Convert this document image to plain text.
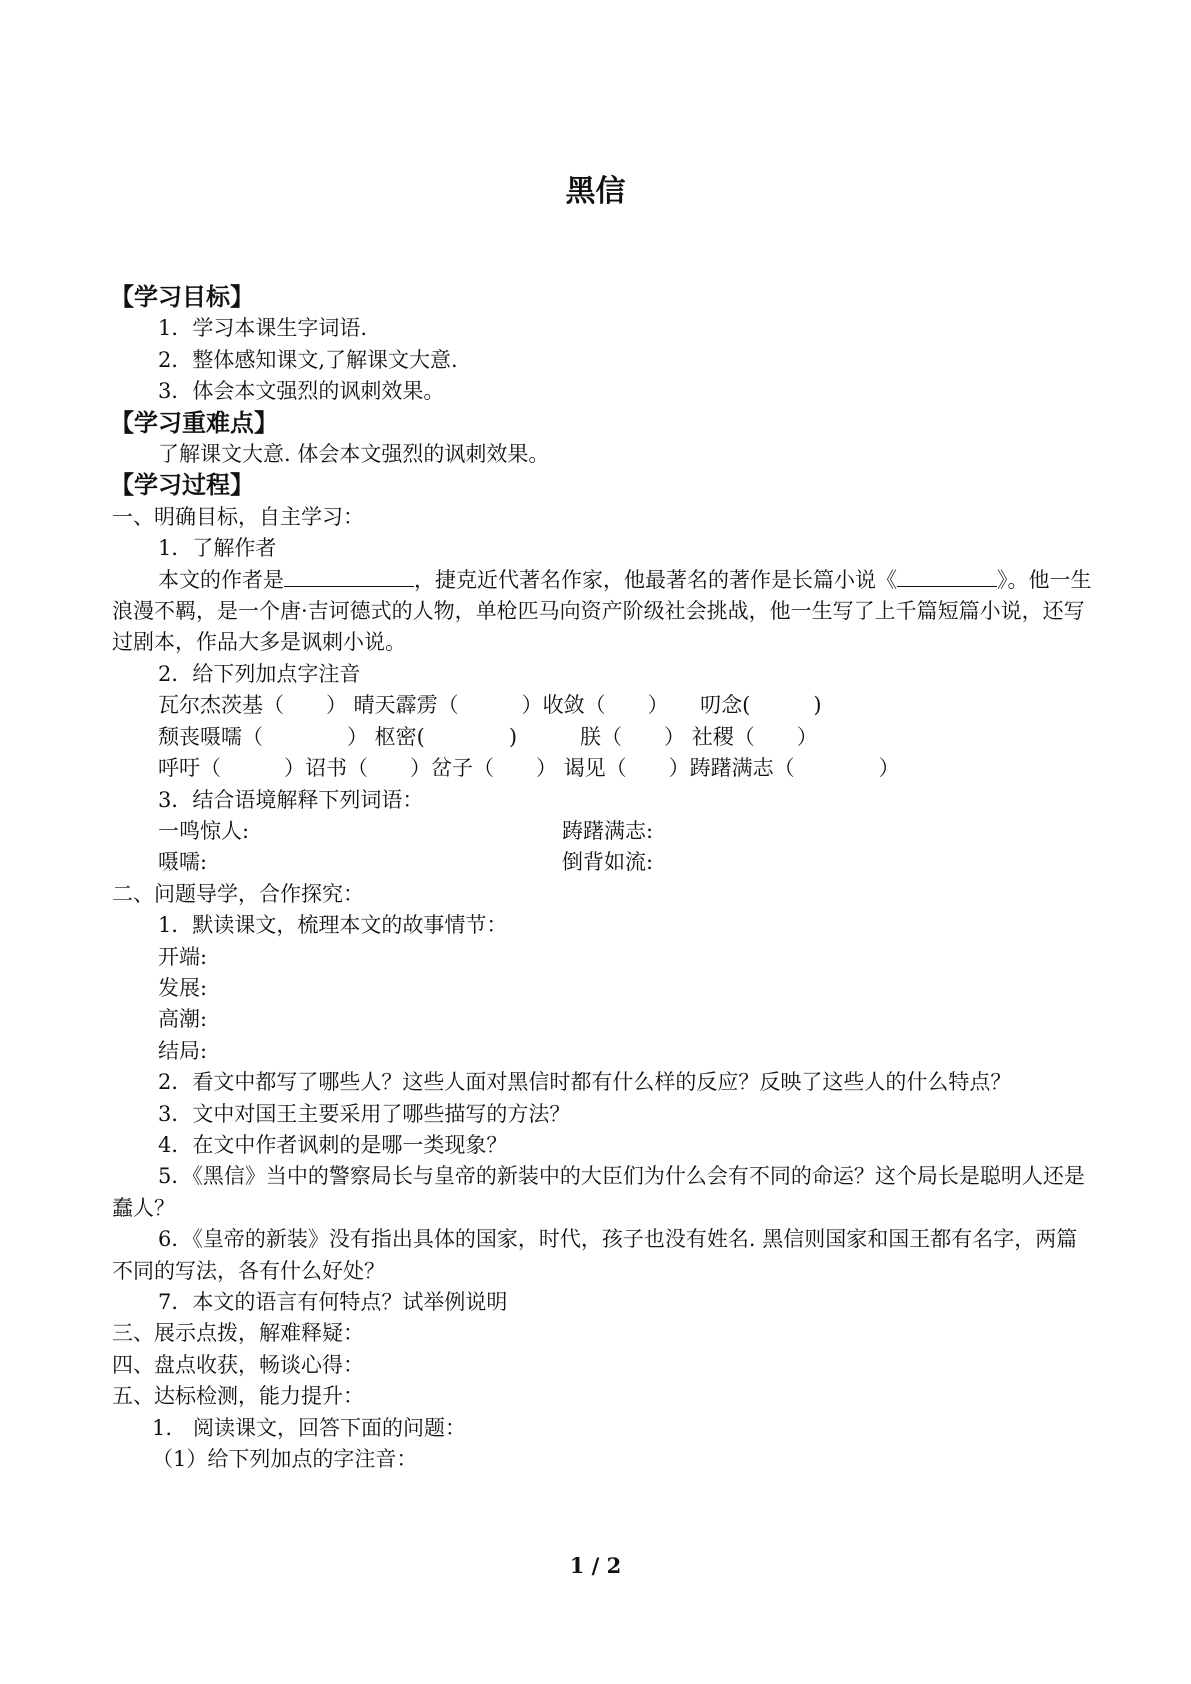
黑信
【学习目标】
1．学习本课生字词语.
2．整体感知课文,了解课文大意.
3．体会本文强烈的讽刺效果。
【学习重难点】
了解课文大意. 体会本文强烈的讽刺效果。
【学习过程】
一、明确目标，自主学习：
1．了解作者
本文的作者是	，捷克近代著名作家，他最著名的著作是长篇小说《	》。他一生浪漫不羁，是一个唐·吉诃德式的人物，单枪匹马向资产阶级社会挑战，他一生写了上千篇短篇小说，还写过剧本，作品大多是讽刺小说。
2．给下列加点字注音
瓦尔杰茨基（　　） 晴天霹雳（　　　）收敛（　　）　　叨念(　　　)
颓丧嗫嚅（　　　　） 枢密(　　　　)　　　朕（　　） 社稷（　　）
呼吁（　　　）诏书（　　）岔子（　　） 谒见（　　）踌躇满志（　　　　）
3．结合语境解释下列词语：
一鸣惊人:	踌躇满志:
嗫嚅:	倒背如流:
二、问题导学，合作探究：
1．默读课文，梳理本文的故事情节：
开端:
发展:
高潮:
结局:
2．看文中都写了哪些人？这些人面对黑信时都有什么样的反应？反映了这些人的什么特点？
3．文中对国王主要采用了哪些描写的方法？
4．在文中作者讽刺的是哪一类现象？
5．《黑信》当中的警察局长与皇帝的新装中的大臣们为什么会有不同的命运？这个局长是聪明人还是蠢人？
6．《皇帝的新装》没有指出具体的国家，时代，孩子也没有姓名. 黑信则国家和国王都有名字，两篇不同的写法，各有什么好处？
7．本文的语言有何特点？试举例说明
三、展示点拨，解难释疑：
四、盘点收获，畅谈心得：
五、达标检测，能力提升：
1.　阅读课文，回答下面的问题：
（1）给下列加点的字注音：
1 / 2
